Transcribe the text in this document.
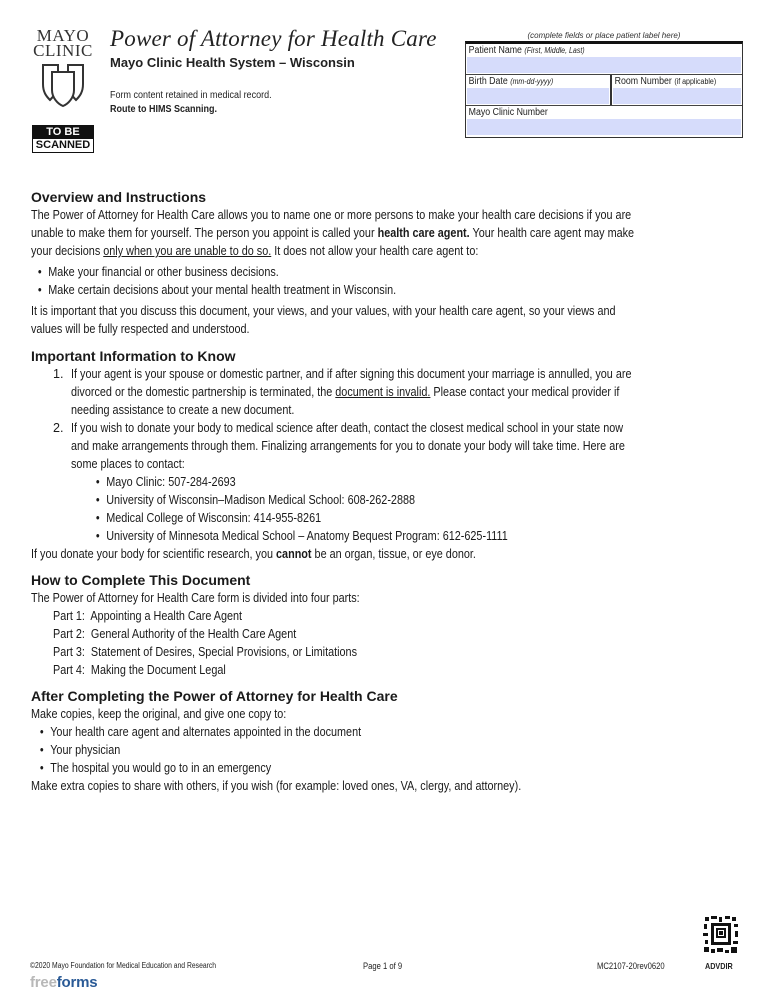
MAYO
CLINIC Power of Attorney for Health Care
Mayo Clinic Health System – Wisconsin
Form content retained in medical record.
Route to HIMS Scanning.
TO BE
SCANNED
(complete fields or place patient label here)
Patient Name (First, Middle, Last)
Birth Date (mm-dd-yyyy)	Room Number (if applicable)
Mayo Clinic Number
Overview and Instructions
The Power of Attorney for Health Care allows you to name one or more persons to make your health care decisions if you are
unable to make them for yourself. The person you appoint is called your health care agent. Your health care agent may make
your decisions only when you are unable to do so. It does not allow your health care agent to:
• Make your financial or other business decisions.
• Make certain decisions about your mental health treatment in Wisconsin.
It is important that you discuss this document, your views, and your values, with your health care agent, so your views and
values will be fully respected and understood.
Important Information to Know
1. If your agent is your spouse or domestic partner, and if after signing this document your marriage is annulled, you are
divorced or the domestic partnership is terminated, the document is invalid. Please contact your medical provider if
needing assistance to create a new document.
2. If you wish to donate your body to medical science after death, contact the closest medical school in your state now
and make arrangements through them. Finalizing arrangements for you to donate your body will take time. Here are
some places to contact:
• Mayo Clinic: 507-284-2693
• University of Wisconsin–Madison Medical School: 608-262-2888
• Medical College of Wisconsin: 414-955-8261
• University of Minnesota Medical School – Anatomy Bequest Program: 612-625-1111
If you donate your body for scientific research, you cannot be an organ, tissue, or eye donor.
How to Complete This Document
The Power of Attorney for Health Care form is divided into four parts:
Part 1:  Appointing a Health Care Agent
Part 2:  General Authority of the Health Care Agent
Part 3:  Statement of Desires, Special Provisions, or Limitations
Part 4:  Making the Document Legal
After Completing the Power of Attorney for Health Care
Make copies, keep the original, and give one copy to:
• Your health care agent and alternates appointed in the document
• Your physician
• The hospital you would go to in an emergency
Make extra copies to share with others, if you wish (for example: loved ones, VA, clergy, and attorney).
©2020 Mayo Foundation for Medical Education and Research	Page 1 of 9	MC2107-20rev0620	ADVDIR
freeforms
